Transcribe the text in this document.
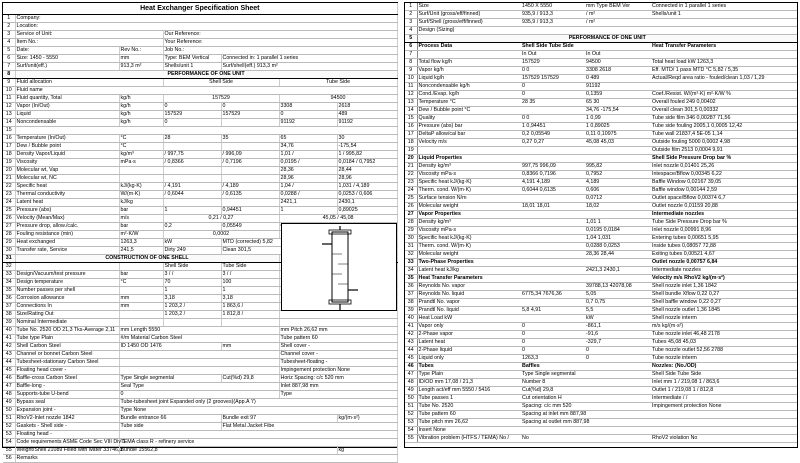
Heat Exchanger Specification Sheet						
1	Company:					
2	Location:					
3	Service of Unit:		Our Reference:			
4	Item No.:		Your Reference:			
5	Date:	Rev No.:	Job No.:			
6	Size: 1450 - 5550	mm	Type: BEM Vertical	Connected in: 1 parallel 1 series		
7	Surf/unit(eff.)	913,3 m²	Shells/unit 1	Surf/shell(eff.) 913,3 m²		
8	PERFORMANCE OF ONE UNIT					
9	Fluid allocation		Shell Side		Tube Side	
10	Fluid name					
11	Fluid quantity, Total	kg/h	157529		94500	
12	Vapor (In/Out)	kg/h	0	0	3308	2618
13	Liquid	kg/h	157529	157529	0	489
14	Noncondensable	kg/h	0		91192	91192
15						
16	Temperature (In/Out)	°C	28	35	65	30
17	Dew / Bubble point	°C			34,76	-175,54
18	Density Vapor/Liquid	kg/m³	/ 997,75	/ 996,09	1,01 /	1 / 995,82
19	Viscosity	mPa·s	/ 0,8366	/ 0,7196	0,0195 /	0,0184 / 0,7952
20	Molecular wt, Vap				28,36	28,44
21	Molecular wt, NC				28,96	28,96
22	Specific heat	kJ/(kg·K)	/ 4,191	/ 4,189	1,04 /	1,031 / 4,189
23	Thermal conductivity	W/(m·K)	/ 0,6044	/ 0,6135	0,0288 /	0,0253 / 0,606
24	Latent heat	kJ/kg			2421,1	2430,1
25	Pressure (abs)	bar	1	0,94451	1	0,89025
26	Velocity (Mean/Max)	m/s	0,21 / 0,27		45,05 / 45,08	
27	Pressure drop, allow./calc.	bar	0,2	0,05549		
28	Fouling resistance (min)	m²·K/W	0,0002	
29	Heat exchanged	1263,3	kW	MTD (corrected) 5,82	
30	Transfer rate, Service	241,5	Dirty 249	Clean 301,5	
31	CONSTRUCTION OF ONE SHELL	
32			Shell Side	Tube Side		
33	Design/Vacuum/test pressure	bar	3 / /	3 / /		
34	Design temperature	°C	70	100		
35	Number passes per shell		1	1		
36	Corrosion allowance	mm	3,18	3,18		
37	Connections In	mm	1 203,2 /	1 863,6 /		
38	Size/Rating Out		1 203,2 /	1 812,8 /		
39	Nominal Intermediate					
40	Tube No. 2520 OD 21,3 Tks-Average 2,11	mm Length 5550			mm Pitch 26,62 mm	
41	Tube type Plain	#/m Material Carbon Steel			Tube pattern 60	
42	Shell Carbon Steel	ID 1450 OD 1476		mm	Shell cover -	
43	Channel or bonnet Carbon Steel				Channel cover -	
44	Tubesheet-stationary Carbon Steel				Tubesheet-floating -	
45	Floating head cover -				Impingement protection None	
46	Baffle-cross Carbon Steel	Type Single segmental		Cut(%d) 29,8	Horiz Spacing: c/c 520 mm	
47	Baffle-long -	Seal Type			Inlet 887,98 mm	
48	Supports-tube U-bend	0			Type	
49	Bypass seal	Tube-tubesheet joint Expanded only (2 grooves)(App.A 'i')				
50	Expansion joint -	Type None				
51	RhoV2-Inlet nozzle 1842	Bundle entrance 66		Bundle exit 97		kg/(m·s²)
52	Gaskets - Shell side -	Tube side		Flat Metal Jacket Fibe		
53	Floating head -					
54	Code requirements ASME Code Sec VIII Div 1	TEMA class R - refinery service				
55	Weight/Shell 21089 Filled with water 33746,3	Bundle 15562,8				kg
56	Remarks					
1	Size	1450 X 5550	mm Type BEM Ver	Connected in 1 parallel 1 series
2	Surf/Unit (gross/eff/finned)	935,9 / 913,3	/ m²	Shells/unit 1
3	Surf/Shell (gross/eff/finned)	935,9 / 913,3	/ m²	
4	Design (Sizing)			
5	PERFORMANCE OF ONE UNIT			
6	Process Data	Shell Side Tube Side		Heat Transfer Parameters
7		In Out	In Out	
8	Total flow kg/h	157529	94500	Total heat load kW 1263,3
9	Vapor kg/h	0 0	3308 2618	Eff. MTD/ 1 pass MTD °C 5,82 / 5,35
10	Liquid kg/h	157529 157529	0 489	Actual/Reqd area ratio - fouled/clean 1,03 / 1,29
11	Noncondensable kg/h	0	91192	
12	Cond./Evap. kg/h	0	0,1359	Coef./Resist. W/(m²·K) m²·K/W %
13	Temperature °C	28 35	65 30	Overall fouled 249 0,00402
14	Dew / Bubble point °C		34,76 -175,54	Overall clean 301,5 0,00332
15	Quality	0 0	1 0,99	Tube side film 346 0,00287 71,56
16	Pressure (abs) bar	1 0,94451	1 0,89025	Tube side fouling 2005,1 0,0005 12,42
17	DeltaP allow/cal bar	0,2 0,05549	0,11 0,10975	Tube wall 21837,4 5E-05 1,14
18	Velocity m/s	0,27 0,27	45,08 45,03	Outside fouling 5000 0,0002 4,98
19				Outside film 2513 0,0004 9,91
20	Liquid Properties			Shell Side Pressure Drop bar %
21	Density kg/m³	997,75 996,09	995,82	Inlet nozzle 0,01401 25,26
22	Viscosity mPa·s	0,8366 0,7196	0,7952	Intespace/Bflow 0,00345 6,22
23	Specific heat kJ/(kg·K)	4,191 4,189	4,189	Baffle Window 0,02167 39,05
24	Therm. cond. W/(m·K)	0,6044 0,6135	0,606	Baffle window 0,00144 2,59
25	Surface tension N/m		0,0712	Outlet space/Bflow 0,00374 6,7
26	Molecular weight	18,01 18,01	18,02	Outlet nozzle 0,01159 20,88
27	Vapor Properties			Intermediate nozzles
28	Density kg/m³		1,01 1	Tube Side Pressure Drop bar %
29	Viscosity mPa·s		0,0195 0,0184	Inlet nozzle 0,00991 8,96
30	Specific heat kJ/(kg·K)		1,04 1,031	Entering tubes 0,00651 5,95
31	Therm. cond. W/(m·K)		0,0288 0,0253	Inside tubes 0,08057 72,88
32	Molecular weight		28,36 28,44	Exiting tubes 0,00521 4,67
33	Two-Phase Properties			Outlet nozzle 0,00757 6,84
34	Latent heat kJ/kg		2421,3 2430,1	Intermediate nozzles
35	Heat Transfer Parameters			Velocity m/s RhoV2 kg/(m·s²)
36	Reynolds No. vapor		39788,13 42078,08	Shell nozzle inlet 1,36 1842
37	Reynolds No. liquid	6775,34 7676,36	5,05	Shell bundle Xflow 0,22 0,27
38	Prandtl No. vapor		0,7 0,75	Shell baffle window 0,22 0,27
39	Prandtl No. liquid	5,8 4,91	5,5	Shell nozzle outlet 1,36 1845
40	Heat Load kW		kW	Shell nozzle interm
41	Vapor only	0	-861,1	m/s kg/(m·s²)
42	2-Phase vapor	0	-91,6	Tube nozzle inlet 46,48 2178
43	Latent heat	0	-329,7	Tubes 45,08 45,03
44	2-Phase liquid	0	0	Tube nozzle outlet 52,56 2788
45	Liquid only	1263,3	0	Tube nozzle interm
46	Tubes	Baffles		Nozzles: (No./OD)
47	Type Plain	Type Single segmental		Shell Side Tube Side
48	ID/OD mm 17,08 / 21,3	Number 8		Inlet mm 1 / 219,08 1 / 863,6
49	Length act/eff mm 5550 / 5416	Cut(%d) 29,8		Outlet 1 / 219,08 1 / 812,8
50	Tube passes 1	Cut orientation H		Intermediate / /
51	Tube No. 2520	Spacing: c/c mm 520		Impingement protection None
52	Tube pattern 60	Spacing at inlet mm 887,98		
53	Tube pitch mm 26,62	Spacing at outlet mm 887,98		
54	Insert None			
55	Vibration problem (HTFS / TEMA) No /	No		RhoV2 violation No
